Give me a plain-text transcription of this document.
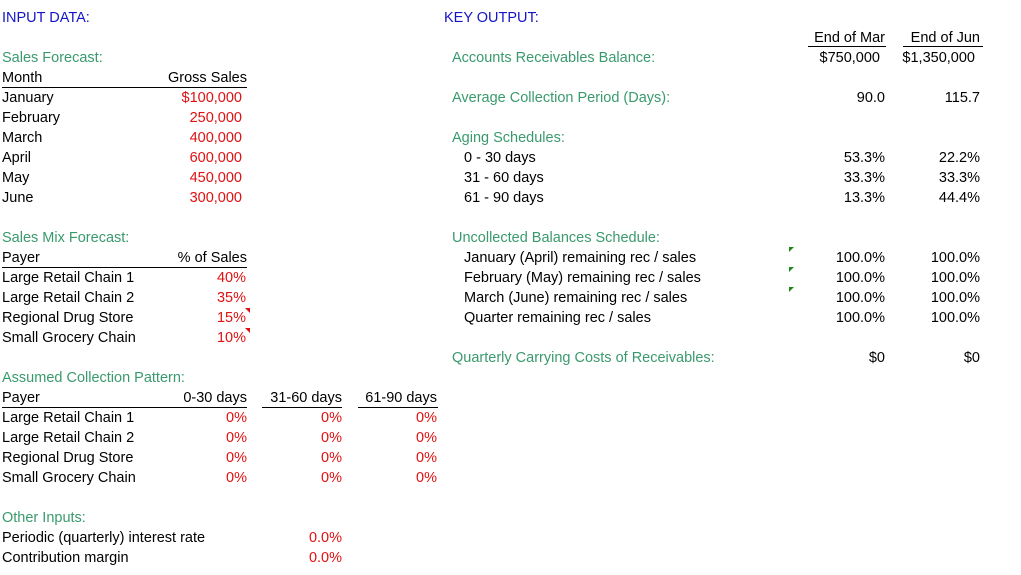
INPUT DATA:
Sales Forecast:
Month	Gross Sales
January	$100,000
February	250,000
March	400,000
April	600,000
May	450,000
June	300,000
Sales Mix Forecast:
Payer	% of Sales
Large Retail Chain 1	40%
Large Retail Chain 2	35%
Regional Drug Store	15%
Small Grocery Chain	10%
Assumed Collection Pattern:
Payer	0-30 days	31-60 days	61-90 days
Large Retail Chain 1	0%	0%	0%
Large Retail Chain 2	0%	0%	0%
Regional Drug Store	0%	0%	0%
Small Grocery Chain	0%	0%	0%
Other Inputs:
Periodic (quarterly) interest rate	0.0%
Contribution margin	0.0%
KEY OUTPUT:
End of Mar	End of Jun
Accounts Receivables Balance:	$750,000	$1,350,000
Average Collection Period (Days):	90.0	115.7
Aging Schedules:
0 - 30 days	53.3%	22.2%
31 - 60 days	33.3%	33.3%
61 - 90 days	13.3%	44.4%
Uncollected Balances Schedule:
January (April) remaining rec / sales	100.0%	100.0%
February (May) remaining rec / sales	100.0%	100.0%
March (June) remaining rec / sales	100.0%	100.0%
Quarter remaining rec / sales	100.0%	100.0%
Quarterly Carrying Costs of Receivables:	$0	$0
